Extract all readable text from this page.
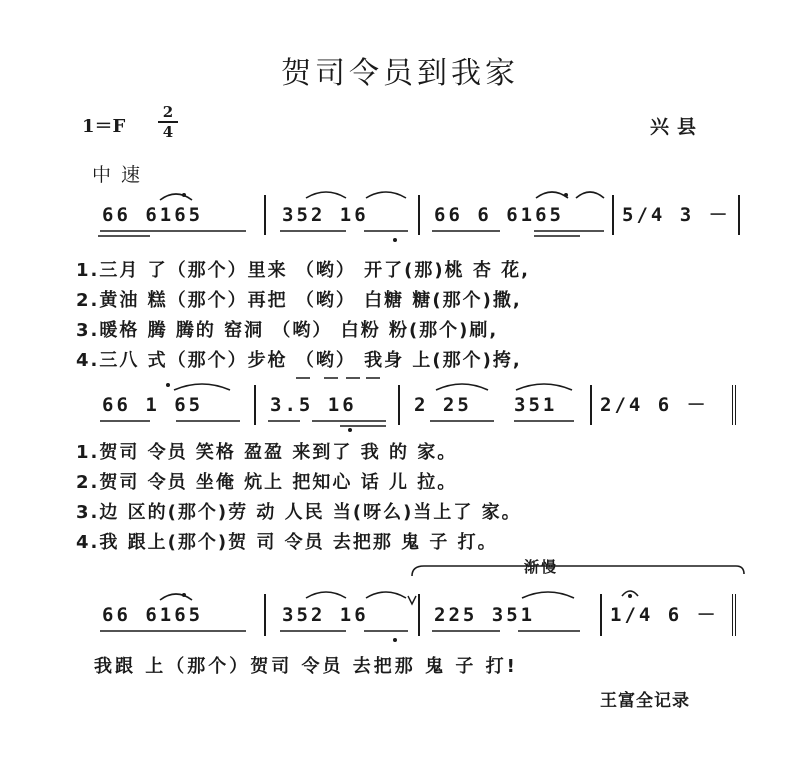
贺司令员到我家
1＝F
2
4	兴县
中速
66 6165	352 16	66 6 6165	5/4 3 －
1.三月 了（那个）里来 （哟） 开了(那)桃 杏 花,
2.黄油 糕（那个）再把 （哟） 白糖 糖(那个)撒,
3.暖格 腾 腾的 窑洞 （哟） 白粉 粉(那个)刷,
4.三八 式（那个）步枪 （哟） 我身 上(那个)挎,
66 1 65	3.5 16	2 25 351 2/4 6 －
1.贺司 令员 笑格 盈盈 来到了 我 的 家。
2.贺司 令员 坐俺 炕上 把知心 话 儿 拉。
3.边 区的(那个)劳 动 人民 当(呀么)当上了 家。
4.我 跟上(那个)贺 司 令员 去把那 鬼 子 打。
渐慢
66 6165	352 16	225 351	1/4 6 －
我跟 上（那个）贺司 令员 去把那 鬼 子 打!
王富全记录
